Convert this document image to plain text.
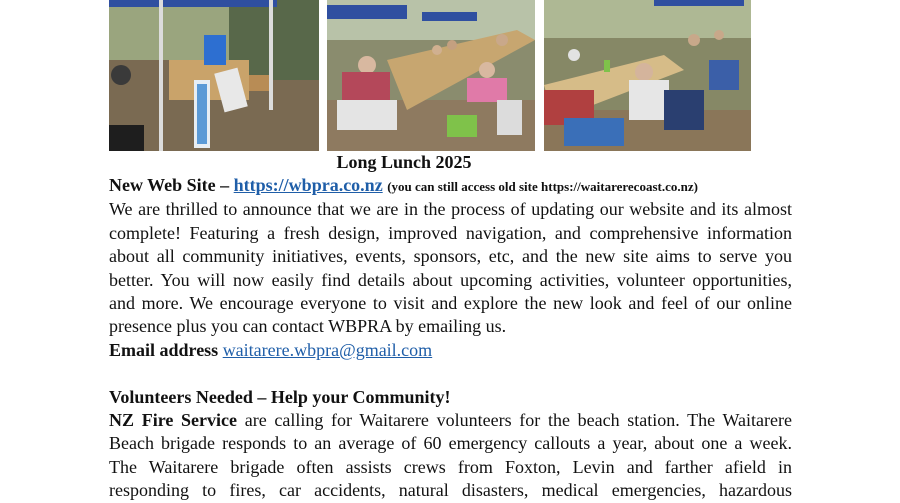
Long Lunch 2025
New Web Site – https://wbpra.co.nz (you can still access old site https://waitarerecoast.co.nz)
We are thrilled to announce that we are in the process of updating our website and its almost
complete! Featuring a fresh design, improved navigation, and comprehensive information
about all community initiatives, events, sponsors, etc, and the new site aims to serve you
better. You will now easily find details about upcoming activities, volunteer opportunities,
and more. We encourage everyone to visit and explore the new look and feel of our online
presence plus you can contact WBPRA by emailing us.
Email address waitarere.wbpra@gmail.com
Volunteers Needed – Help your Community!
NZ Fire Service are calling for Waitarere volunteers for the beach station. The Waitarere
Beach brigade responds to an average of 60 emergency callouts a year, about one a week.
The Waitarere brigade often assists crews from Foxton, Levin and farther afield in
responding to fires, car accidents, natural disasters, medical emergencies, hazardous
